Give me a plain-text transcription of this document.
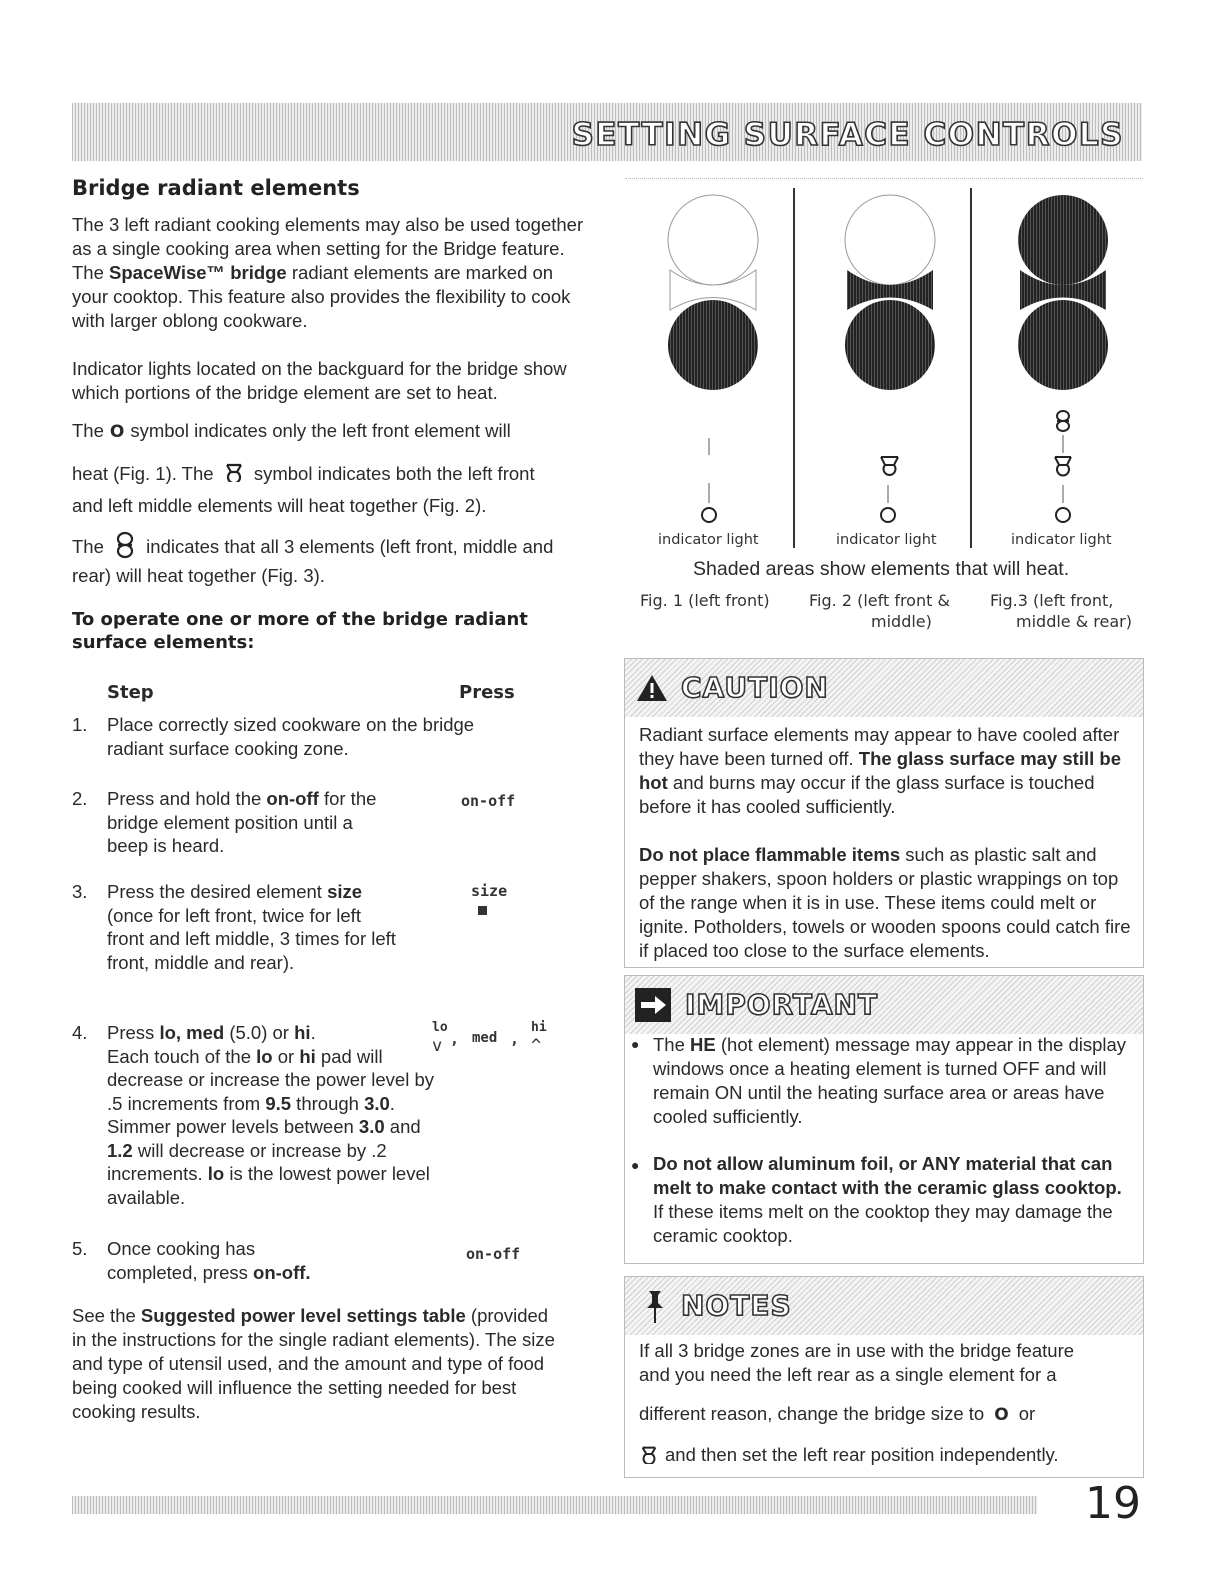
SETTING SURFACE CONTROLS
Bridge radiant elements
The 3 left radiant cooking elements may also be used together as a single cooking area when setting for the Bridge feature. The SpaceWise™ bridge radiant elements are marked on your cooktop. This feature also provides the flexibility to cook with larger oblong cookware.
Indicator lights located on the backguard for the bridge show which portions of the bridge element are set to heat.
The O symbol indicates only the left front element will
heat (Fig. 1). The symbol indicates both the left front
and left middle elements will heat together (Fig. 2).
The indicates that all 3 elements (left front, middle and
rear) will heat together (Fig. 3).
To operate one or more of the bridge radiant surface elements:
Step	Press
1. Place correctly sized cookware on the bridge radiant surface cooking zone.
2. Press and hold the on-off for the bridge element position until a beep is heard.
on-off
3. Press the desired element size (once for left front, twice for left front and left middle, 3 times for left front, middle and rear).
size
4. Press lo, med (5.0) or hi.
Each touch of the lo or hi pad will decrease or increase the power level by .5 increments from 9.5 through 3.0. Simmer power levels between 3.0 and 1.2 will decrease or increase by .2 increments. lo is the lowest power level available.
lo
v , med ,
hi
^
5. Once cooking has completed, press on-off.
on-off
See the Suggested power level settings table (provided in the instructions for the single radiant elements). The size and type of utensil used, and the amount and type of food being cooked will influence the setting needed for best cooking results.
indicator light	indicator light	indicator light
Shaded areas show elements that will heat.
Fig. 1 (left front) Fig. 2 (left front &
middle)
Fig.3 (left front,
middle & rear)
CAUTION
Radiant surface elements may appear to have cooled after they have been turned off. The glass surface may still be hot and burns may occur if the glass surface is touched before it has cooled sufficiently.
Do not place flammable items such as plastic salt and pepper shakers, spoon holders or plastic wrappings on top of the range when it is in use. These items could melt or ignite. Potholders, towels or wooden spoons could catch fire if placed too close to the surface elements.
IMPORTANT
● The HE (hot element) message may appear in the display windows once a heating element is turned OFF and will remain ON until the heating surface area or areas have cooled sufficiently.
● Do not allow aluminum foil, or ANY material that can melt to make contact with the ceramic glass cooktop. If these items melt on the cooktop they may damage the ceramic cooktop.
NOTES
If all 3 bridge zones are in use with the bridge feature
and you need the left rear as a single element for a
different reason, change the bridge size to O or
and then set the left rear position independently.
19
